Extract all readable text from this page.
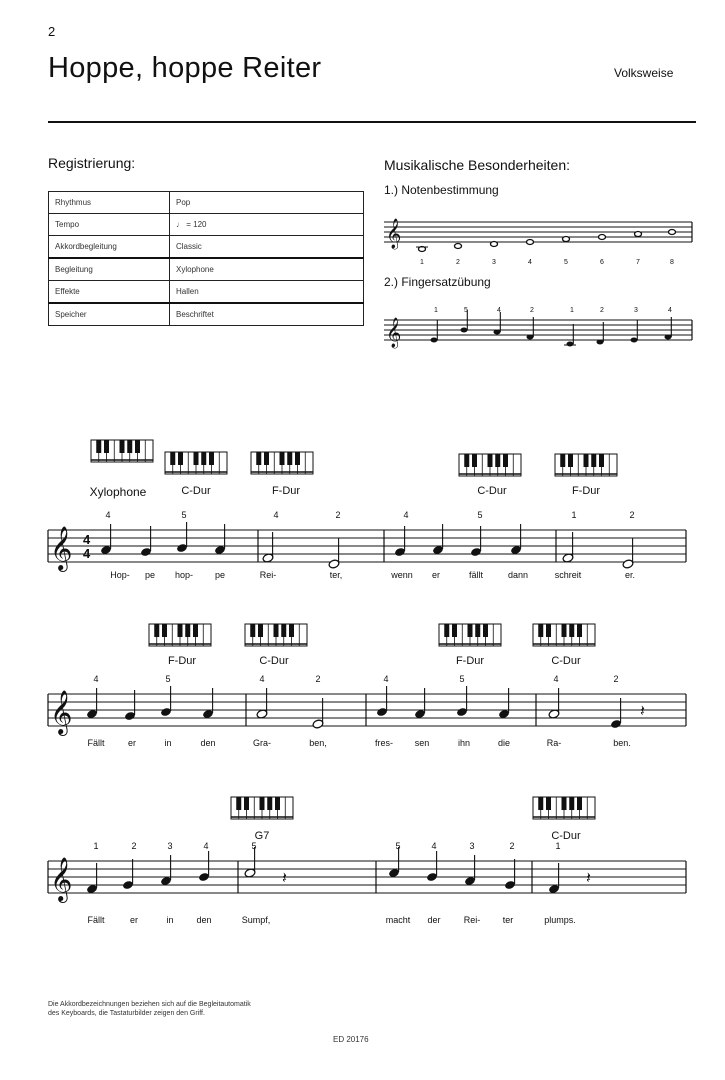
2
Hoppe, hoppe Reiter	Volksweise
Registrierung:
Rhythmus	Pop
Tempo	♩ = 120
Akkordbegleitung	Classic
Begleitung	Xylophone
Effekte	Hallen
Speicher	Beschriftet
Musikalische Besonderheiten:
1.) Notenbestimmung
2.) Fingersatzübung
𝄞
1	2	3	4	5	6	7	8
𝄞
1	5	4	2	1	2	3	4
Xylophone	C-Dur	F-Dur	C-Dur	F-Dur
𝄞 4
4
4	5	4	2	4	5	1	2
Hop- pe hop- pe	Rei-	ter,	wenn er	fällt	dann	schreit	er.
F-Dur	C-Dur	F-Dur	C-Dur
𝄞	𝄽
4	5	4	2	4	5	4	2
Fällt	er	in	den	Gra-	ben,	fres- sen	ihn	die	Ra-	ben.
G7	C-Dur
𝄞	𝄽	𝄽
1	2	3	4	5	5	4	3	2	1
Fällt	er	in	den	Sumpf,	macht der	Rei- ter	plumps.
Die Akkordbezeichnungen beziehen sich auf die Begleitautomatik
des Keyboards, die Tastaturbilder zeigen den Griff.
ED 20176
